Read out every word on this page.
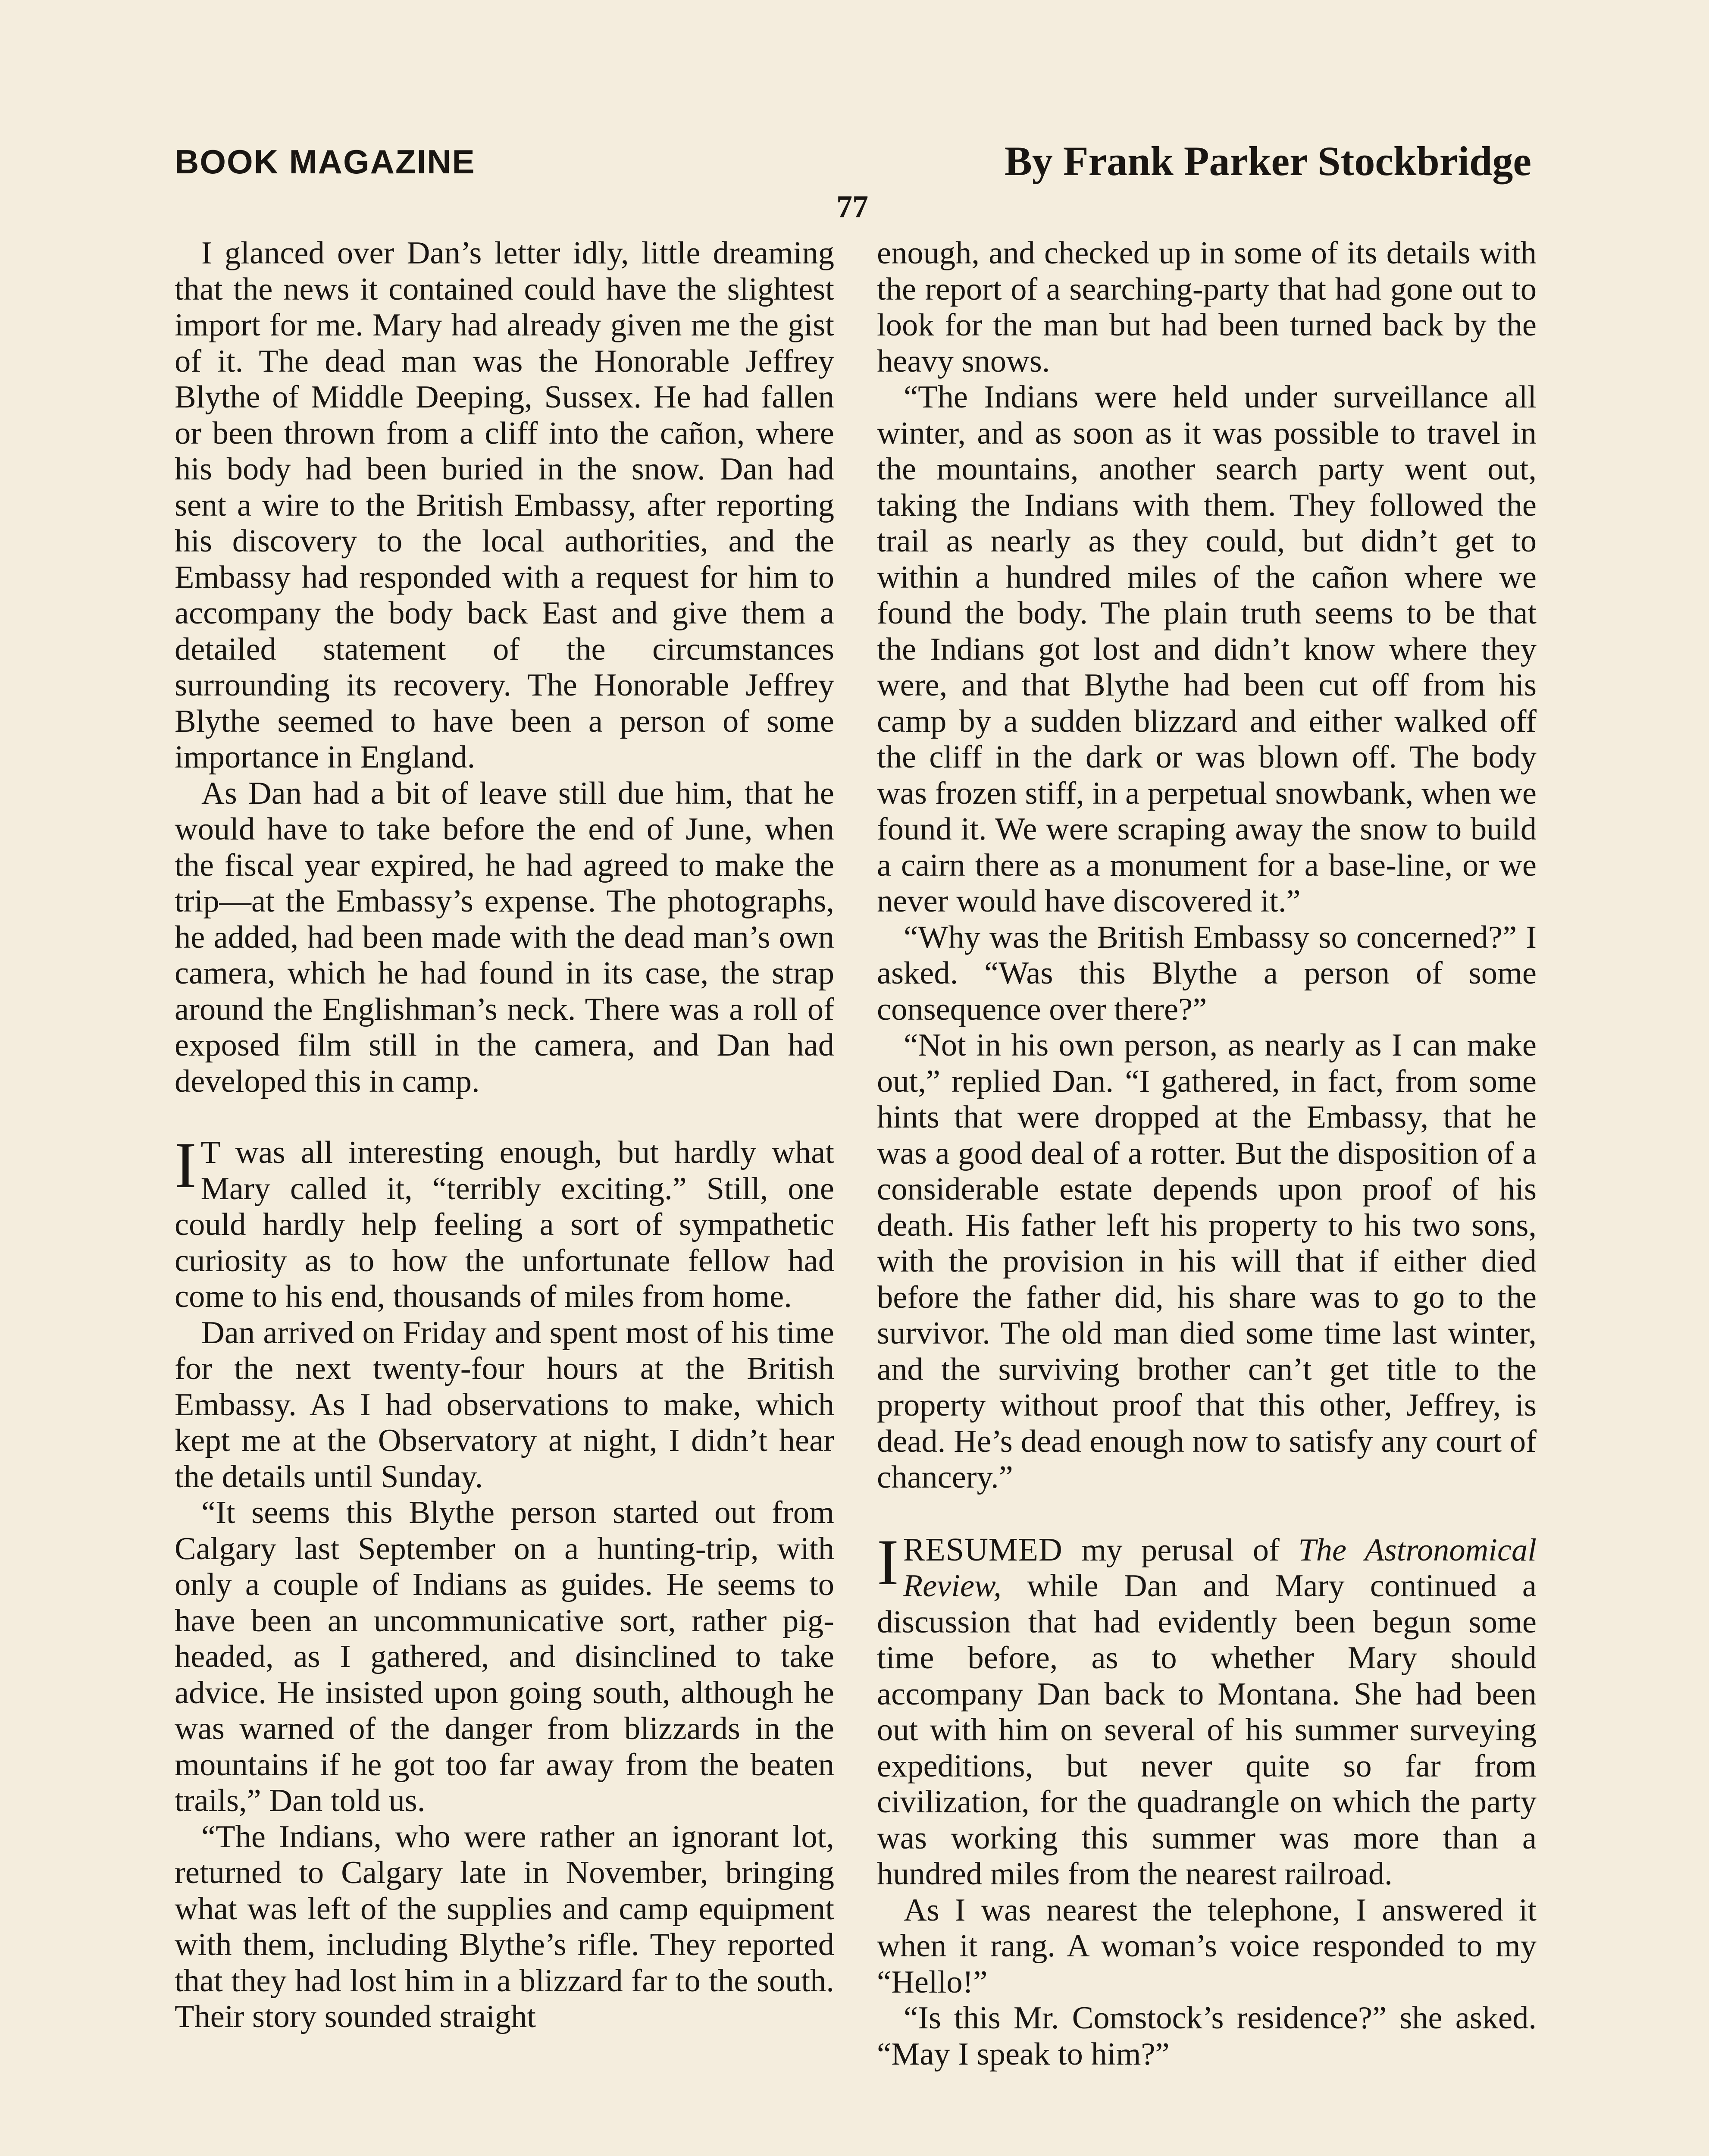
BOOK MAGAZINE	By Frank Parker Stockbridge
77

I glanced over Dan’s letter idly, little dreaming that the news it contained could have the slightest import for me. Mary had already given me the gist of it. The dead man was the Honorable Jeffrey Blythe of Middle Deeping, Sussex. He had fallen or been thrown from a cliff into the cañon, where his body had been buried in the snow. Dan had sent a wire to the British Embassy, after reporting his discovery to the local authorities, and the Embassy had responded with a request for him to accompany the body back East and give them a detailed statement of the circumstances surrounding its recovery. The Honorable Jeffrey Blythe seemed to have been a person of some importance in England.

As Dan had a bit of leave still due him, that he would have to take before the end of June, when the fiscal year expired, he had agreed to make the trip—at the Embassy’s expense. The photographs, he added, had been made with the dead man’s own camera, which he had found in its case, the strap around the Englishman’s neck. There was a roll of exposed film still in the camera, and Dan had developed this in camp.

I T was all interesting enough, but hardly what Mary called it, “terribly exciting.” Still, one could hardly help feeling a sort of sympathetic curiosity as to how the unfortunate fellow had come to his end, thousands of miles from home.

Dan arrived on Friday and spent most of his time for the next twenty-four hours at the British Embassy. As I had observations to make, which kept me at the Observatory at night, I didn’t hear the details until Sunday.

“It seems this Blythe person started out from Calgary last September on a hunting-trip, with only a couple of Indians as guides. He seems to have been an uncommunicative sort, rather pig-headed, as I gathered, and disinclined to take advice. He insisted upon going south, although he was warned of the danger from blizzards in the mountains if he got too far away from the beaten trails,” Dan told us.

“The Indians, who were rather an ignorant lot, returned to Calgary late in November, bringing what was left of the supplies and camp equipment with them, including Blythe’s rifle. They reported that they had lost him in a blizzard far to the south. Their story sounded straight

enough, and checked up in some of its details with the report of a searching-party that had gone out to look for the man but had been turned back by the heavy snows.

“The Indians were held under surveillance all winter, and as soon as it was possible to travel in the mountains, another search party went out, taking the Indians with them. They followed the trail as nearly as they could, but didn’t get to within a hundred miles of the cañon where we found the body. The plain truth seems to be that the Indians got lost and didn’t know where they were, and that Blythe had been cut off from his camp by a sudden blizzard and either walked off the cliff in the dark or was blown off. The body was frozen stiff, in a perpetual snowbank, when we found it. We were scraping away the snow to build a cairn there as a monument for a base-line, or we never would have discovered it.”

“Why was the British Embassy so concerned?” I asked. “Was this Blythe a person of some consequence over there?”

“Not in his own person, as nearly as I can make out,” replied Dan. “I gathered, in fact, from some hints that were dropped at the Embassy, that he was a good deal of a rotter. But the disposition of a considerable estate depends upon proof of his death. His father left his property to his two sons, with the provision in his will that if either died before the father did, his share was to go to the survivor. The old man died some time last winter, and the surviving brother can’t get title to the property without proof that this other, Jeffrey, is dead. He’s dead enough now to satisfy any court of chancery.”

I RESUMED my perusal of The Astronomical Review, while Dan and Mary continued a discussion that had evidently been begun some time before, as to whether Mary should accompany Dan back to Montana. She had been out with him on several of his summer surveying expeditions, but never quite so far from civilization, for the quadrangle on which the party was working this summer was more than a hundred miles from the nearest railroad.

As I was nearest the telephone, I answered it when it rang. A woman’s voice responded to my “Hello!”

“Is this Mr. Comstock’s residence?” she asked. “May I speak to him?”
